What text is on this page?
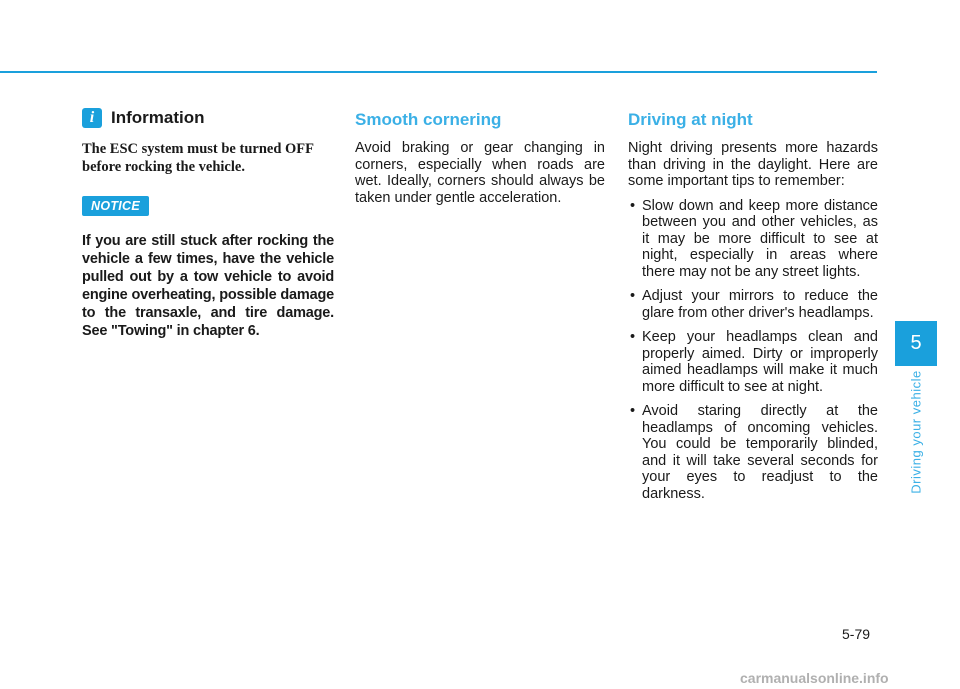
i Information
The ESC system must be turned OFF before rocking the vehicle.
NOTICE
If you are still stuck after rocking the vehicle a few times, have the vehicle pulled out by a tow vehicle to avoid engine overheating, possible damage to the transaxle, and tire damage. See "Towing" in chapter 6.
Smooth cornering

Avoid braking or gear changing in corners, especially when roads are wet. Ideally, corners should always be taken under gentle acceleration.

Driving at night

Night driving presents more hazards than driving in the daylight. Here are some important tips to remember:

• Slow down and keep more distance between you and other vehicles, as it may be more difficult to see at night, especially in areas where there may not be any street lights.
• Adjust your mirrors to reduce the glare from other driver's headlamps.
• Keep your headlamps clean and properly aimed. Dirty or improperly aimed headlamps will make it much more difficult to see at night.
• Avoid staring directly at the headlamps of oncoming vehicles. You could be temporarily blinded, and it will take several seconds for your eyes to readjust to the darkness.
5
Driving your vehicle
5-79
carmanualsonline.info
